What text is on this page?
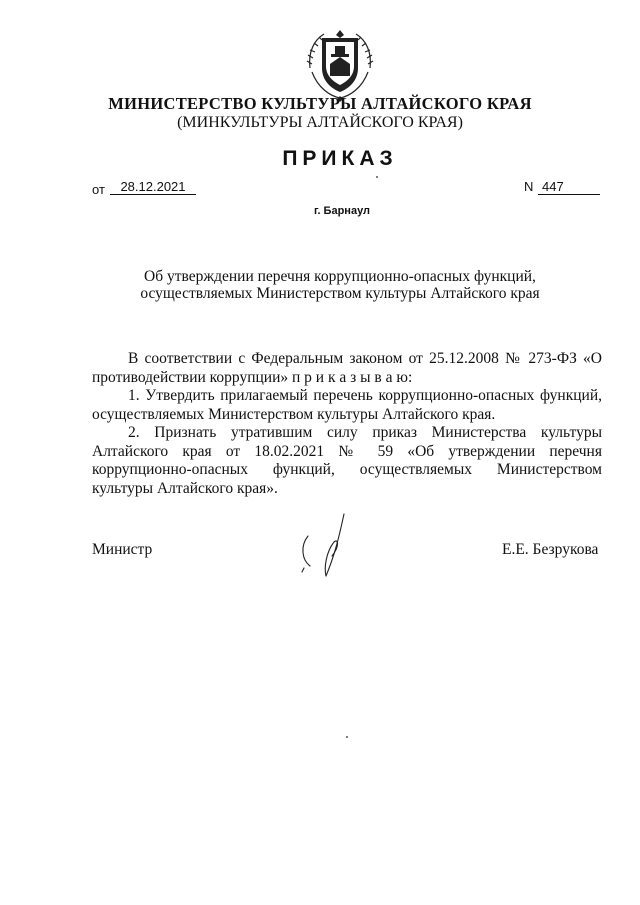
МИНИСТЕРСТВО КУЛЬТУРЫ АЛТАЙСКОГО КРАЯ
(МИНКУЛЬТУРЫ АЛТАЙСКОГО КРАЯ)
ПРИКАЗ
от	28.12.2021	N 447
г. Барнаул
Об утверждении перечня коррупционно-опасных функций,
осуществляемых Министерством культуры Алтайского края

В соответствии с Федеральным законом от 25.12.2008 № 273-ФЗ «О противодействии коррупции» п р и к а з ы в а ю:

1. Утвердить прилагаемый перечень коррупционно-опасных функций, осуществляемых Министерством культуры Алтайского края.

2. Признать утратившим силу приказ Министерства культуры Алтайского края от 18.02.2021 № 59 «Об утверждении перечня коррупционно-опасных функций, осуществляемых Министерством культуры Алтайского края».

Министр	Е.Е. Безрукова
